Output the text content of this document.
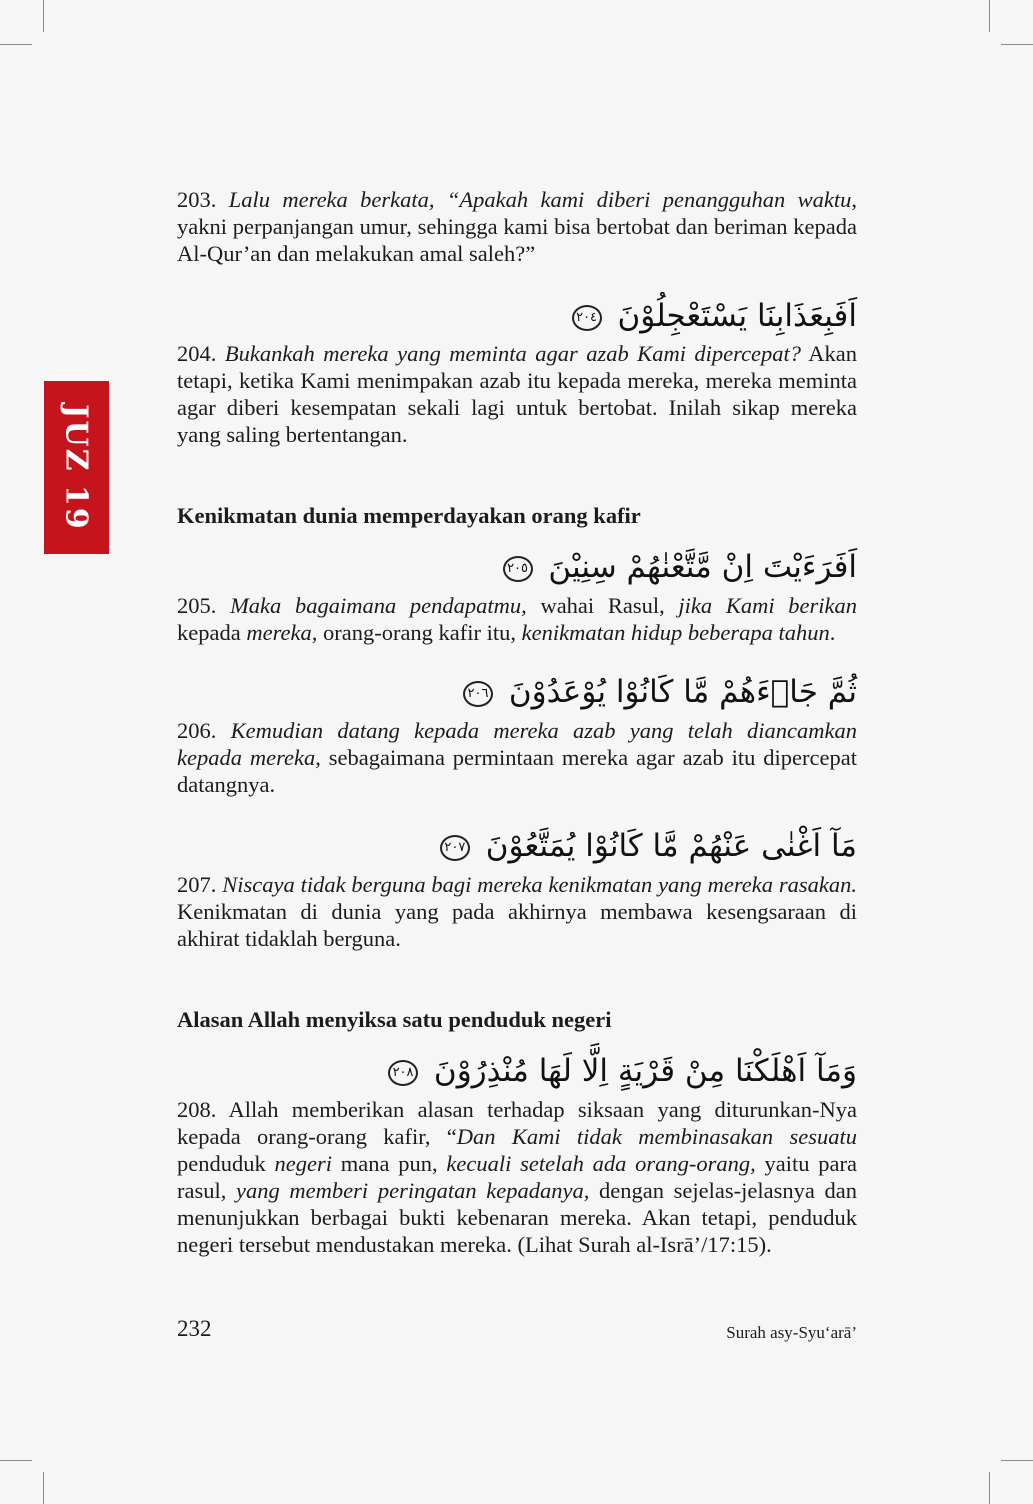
JUZ 19

203. Lalu mereka berkata, “Apakah kami diberi penangguhan waktu, yakni perpanjangan umur, sehingga kami bisa bertobat dan beriman kepada Al-Qur’an dan melakukan amal saleh?”

اَفَبِعَذَابِنَا يَسْتَعْجِلُوْنَ ٢٠٤

204. Bukankah mereka yang meminta agar azab Kami dipercepat? Akan tetapi, ketika Kami menimpakan azab itu kepada mereka, mereka meminta agar diberi kesempatan sekali lagi untuk bertobat. Inilah sikap mereka yang saling bertentangan.

Kenikmatan dunia memperdayakan orang kafir
اَفَرَءَيْتَ اِنْ مَّتَّعْنٰهُمْ سِنِيْنَ ٢٠٥

205. Maka bagaimana pendapatmu, wahai Rasul, jika Kami berikan kepada mereka, orang-orang kafir itu, kenikmatan hidup beberapa tahun.

ثُمَّ جَاۤءَهُمْ مَّا كَانُوْا يُوْعَدُوْنَ ٢٠٦

206. Kemudian datang kepada mereka azab yang telah diancamkan kepada mereka, sebagaimana permintaan mereka agar azab itu dipercepat datangnya.

مَآ اَغْنٰى عَنْهُمْ مَّا كَانُوْا يُمَتَّعُوْنَ ٢٠٧

207. Niscaya tidak berguna bagi mereka kenikmatan yang mereka rasakan. Kenikmatan di dunia yang pada akhirnya membawa kesengsaraan di akhirat tidaklah berguna.

Alasan Allah menyiksa satu penduduk negeri
وَمَآ اَهْلَكْنَا مِنْ قَرْيَةٍ اِلَّا لَهَا مُنْذِرُوْنَ ٢٠٨

208. Allah memberikan alasan terhadap siksaan yang diturunkan-Nya kepada orang-orang kafir, “Dan Kami tidak membinasakan sesuatu penduduk negeri mana pun, kecuali setelah ada orang-orang, yaitu para rasul, yang memberi peringatan kepadanya, dengan sejelas-jelasnya dan menunjukkan berbagai bukti kebenaran mereka. Akan tetapi, penduduk negeri tersebut mendustakan mereka. (Lihat Surah al-Isrā’/17:15).

232	Surah asy-Syu‘arā’
